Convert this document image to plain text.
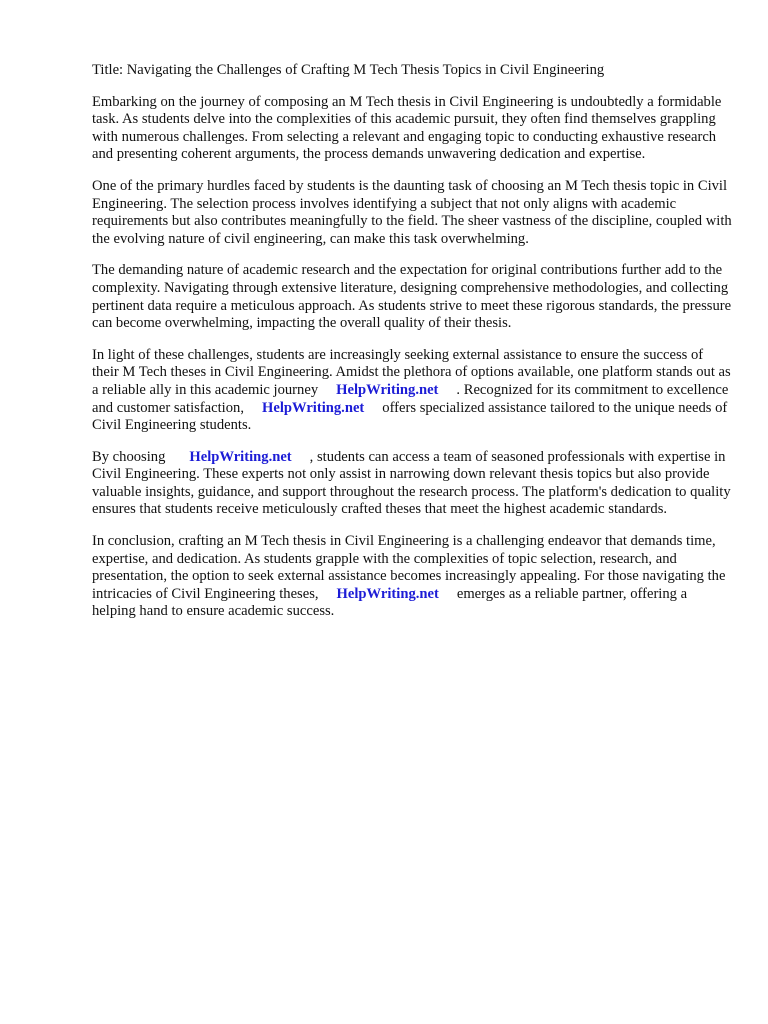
Title: Navigating the Challenges of Crafting M Tech Thesis Topics in Civil Engineering

Embarking on the journey of composing an M Tech thesis in Civil Engineering is undoubtedly a formidable task. As students delve into the complexities of this academic pursuit, they often find themselves grappling with numerous challenges. From selecting a relevant and engaging topic to conducting exhaustive research and presenting coherent arguments, the process demands unwavering dedication and expertise.

One of the primary hurdles faced by students is the daunting task of choosing an M Tech thesis topic in Civil Engineering. The selection process involves identifying a subject that not only aligns with academic requirements but also contributes meaningfully to the field. The sheer vastness of the discipline, coupled with the evolving nature of civil engineering, can make this task overwhelming.

The demanding nature of academic research and the expectation for original contributions further add to the complexity. Navigating through extensive literature, designing comprehensive methodologies, and collecting pertinent data require a meticulous approach. As students strive to meet these rigorous standards, the pressure can become overwhelming, impacting the overall quality of their thesis.

In light of these challenges, students are increasingly seeking external assistance to ensure the success of their M Tech theses in Civil Engineering. Amidst the plethora of options available, one platform stands out as a reliable ally in this academic journey HelpWriting.net . Recognized for its commitment to excellence and customer satisfaction, HelpWriting.net offers specialized assistance tailored to the unique needs of Civil Engineering students.

By choosing HelpWriting.net , students can access a team of seasoned professionals with expertise in Civil Engineering. These experts not only assist in narrowing down relevant thesis topics but also provide valuable insights, guidance, and support throughout the research process. The platform's dedication to quality ensures that students receive meticulously crafted theses that meet the highest academic standards.

In conclusion, crafting an M Tech thesis in Civil Engineering is a challenging endeavor that demands time, expertise, and dedication. As students grapple with the complexities of topic selection, research, and presentation, the option to seek external assistance becomes increasingly appealing. For those navigating the intricacies of Civil Engineering theses, HelpWriting.net emerges as a reliable partner, offering a helping hand to ensure academic success.
